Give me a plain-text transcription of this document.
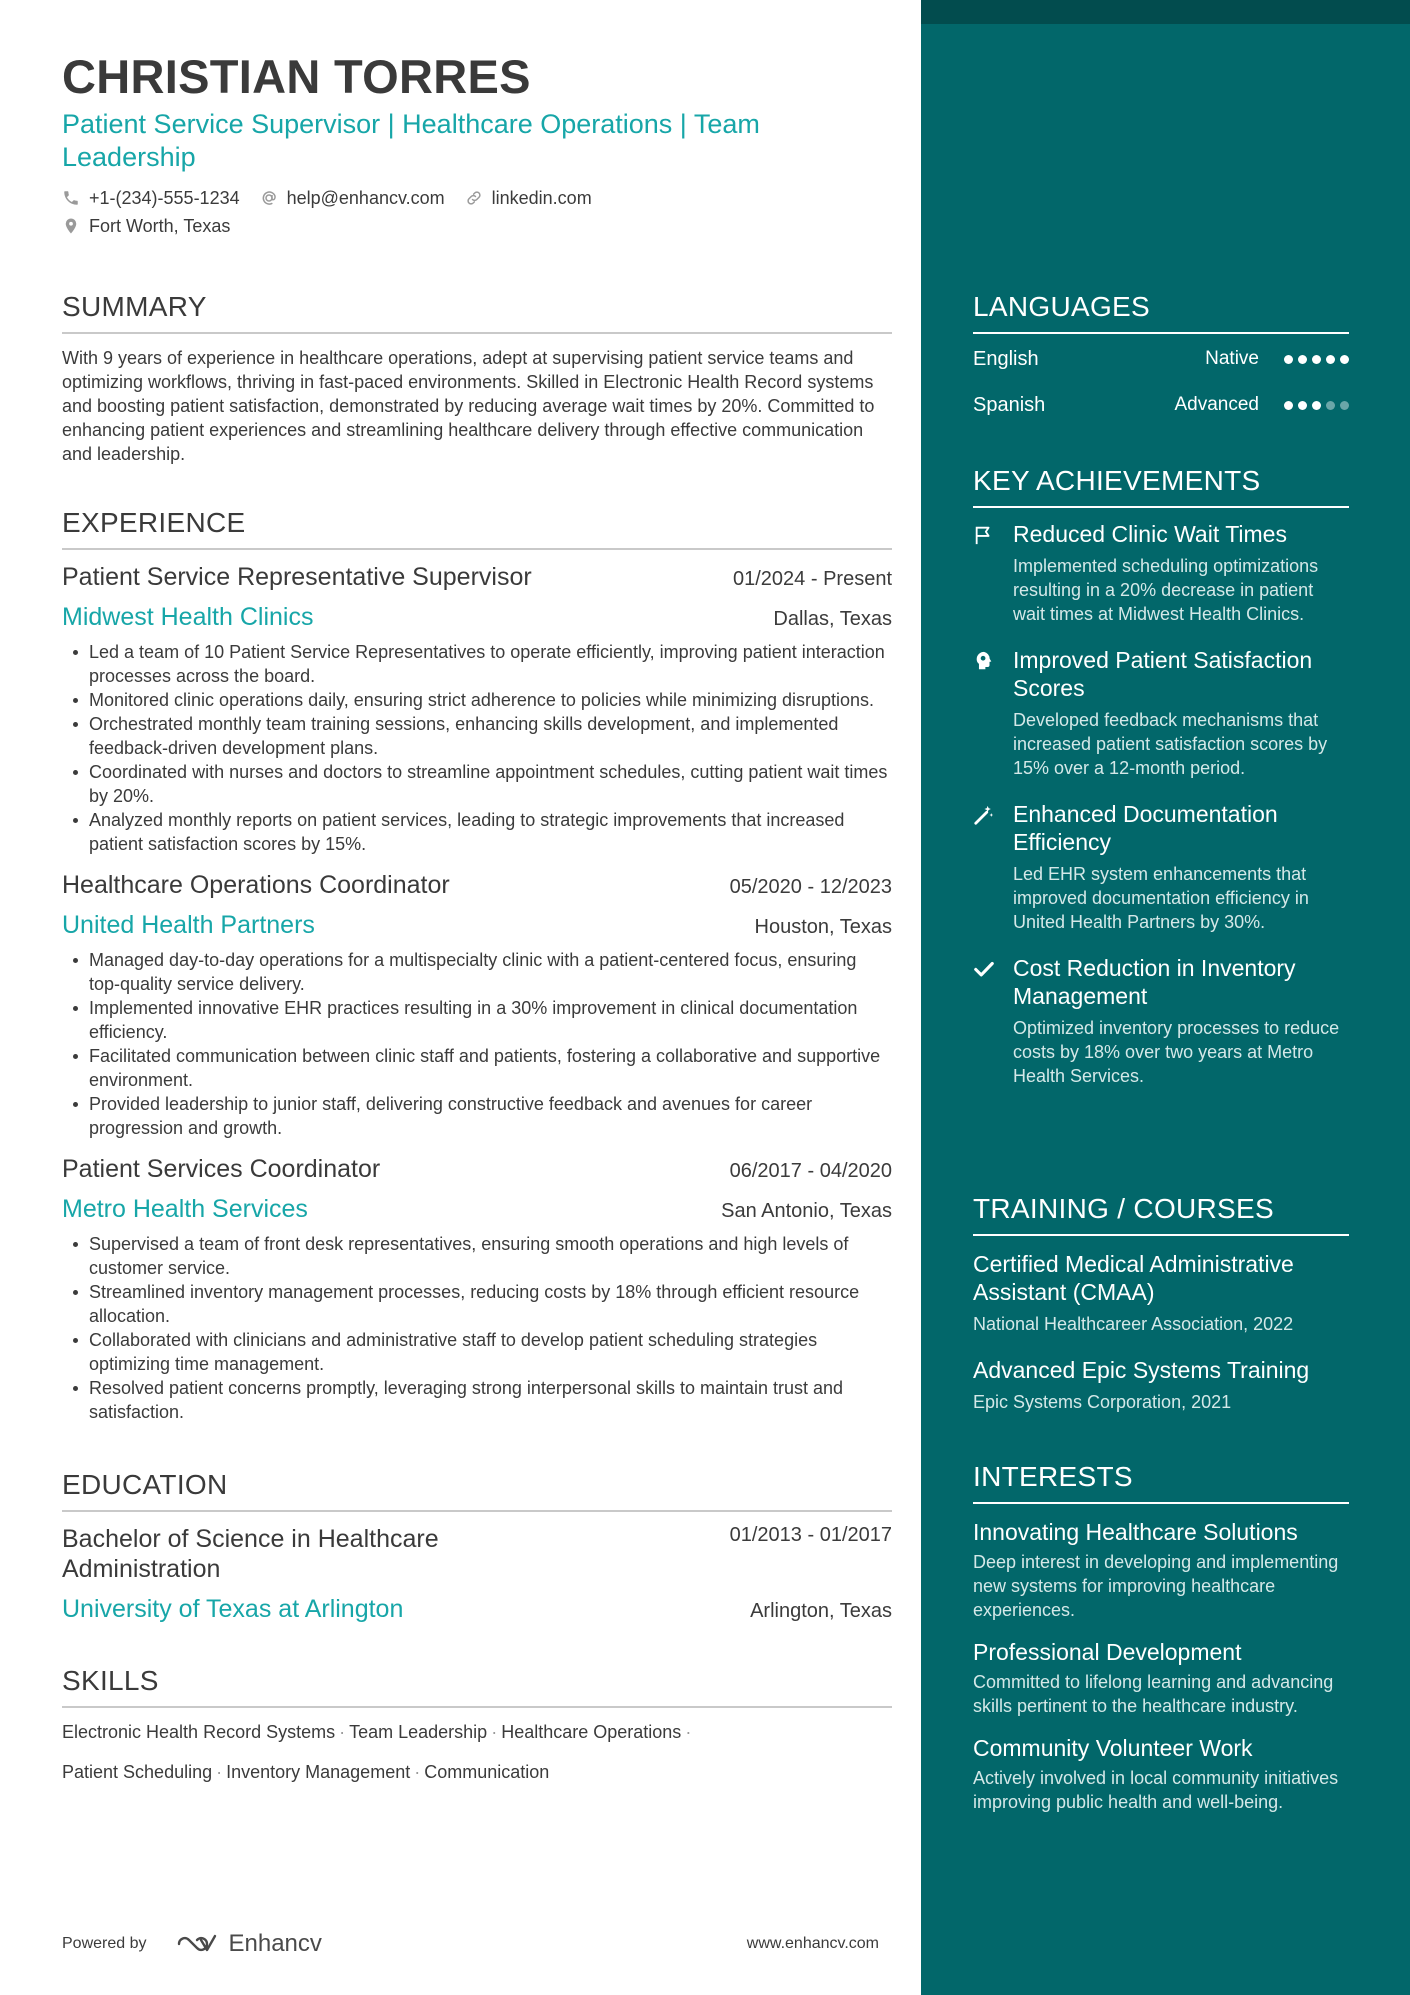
CHRISTIAN TORRES
Patient Service Supervisor | Healthcare Operations | Team Leadership
+1-(234)-555-1234	help@enhancv.com	linkedin.com
Fort Worth, Texas
SUMMARY
With 9 years of experience in healthcare operations, adept at supervising patient service teams and optimizing workflows, thriving in fast-paced environments. Skilled in Electronic Health Record systems and boosting patient satisfaction, demonstrated by reducing average wait times by 20%. Committed to enhancing patient experiences and streamlining healthcare delivery through effective communication and leadership.
EXPERIENCE
Patient Service Representative Supervisor	01/2024 - Present
Midwest Health Clinics	Dallas, Texas
Led a team of 10 Patient Service Representatives to operate efficiently, improving patient interaction processes across the board.
Monitored clinic operations daily, ensuring strict adherence to policies while minimizing disruptions.
Orchestrated monthly team training sessions, enhancing skills development, and implemented feedback-driven development plans.
Coordinated with nurses and doctors to streamline appointment schedules, cutting patient wait times by 20%.
Analyzed monthly reports on patient services, leading to strategic improvements that increased patient satisfaction scores by 15%.
Healthcare Operations Coordinator	05/2020 - 12/2023
United Health Partners	Houston, Texas
Managed day-to-day operations for a multispecialty clinic with a patient-centered focus, ensuring top-quality service delivery.
Implemented innovative EHR practices resulting in a 30% improvement in clinical documentation efficiency.
Facilitated communication between clinic staff and patients, fostering a collaborative and supportive environment.
Provided leadership to junior staff, delivering constructive feedback and avenues for career progression and growth.
Patient Services Coordinator	06/2017 - 04/2020
Metro Health Services	San Antonio, Texas
Supervised a team of front desk representatives, ensuring smooth operations and high levels of customer service.
Streamlined inventory management processes, reducing costs by 18% through efficient resource allocation.
Collaborated with clinicians and administrative staff to develop patient scheduling strategies optimizing time management.
Resolved patient concerns promptly, leveraging strong interpersonal skills to maintain trust and satisfaction.
EDUCATION
Bachelor of Science in Healthcare Administration
01/2013 - 01/2017
University of Texas at Arlington	Arlington, Texas
SKILLS
Electronic Health Record Systems · Team Leadership · Healthcare Operations ·
Patient Scheduling · Inventory Management · Communication
Powered by	Enhancv	www.enhancv.com
LANGUAGES
English	Native
Spanish	Advanced
KEY ACHIEVEMENTS
Reduced Clinic Wait Times
Implemented scheduling optimizations resulting in a 20% decrease in patient wait times at Midwest Health Clinics.
Improved Patient Satisfaction Scores
Developed feedback mechanisms that increased patient satisfaction scores by 15% over a 12-month period.
Enhanced Documentation Efficiency
Led EHR system enhancements that improved documentation efficiency in United Health Partners by 30%.
Cost Reduction in Inventory Management
Optimized inventory processes to reduce costs by 18% over two years at Metro Health Services.
TRAINING / COURSES
Certified Medical Administrative Assistant (CMAA)
National Healthcareer Association, 2022
Advanced Epic Systems Training
Epic Systems Corporation, 2021
INTERESTS
Innovating Healthcare Solutions
Deep interest in developing and implementing new systems for improving healthcare experiences.
Professional Development
Committed to lifelong learning and advancing skills pertinent to the healthcare industry.
Community Volunteer Work
Actively involved in local community initiatives improving public health and well-being.
